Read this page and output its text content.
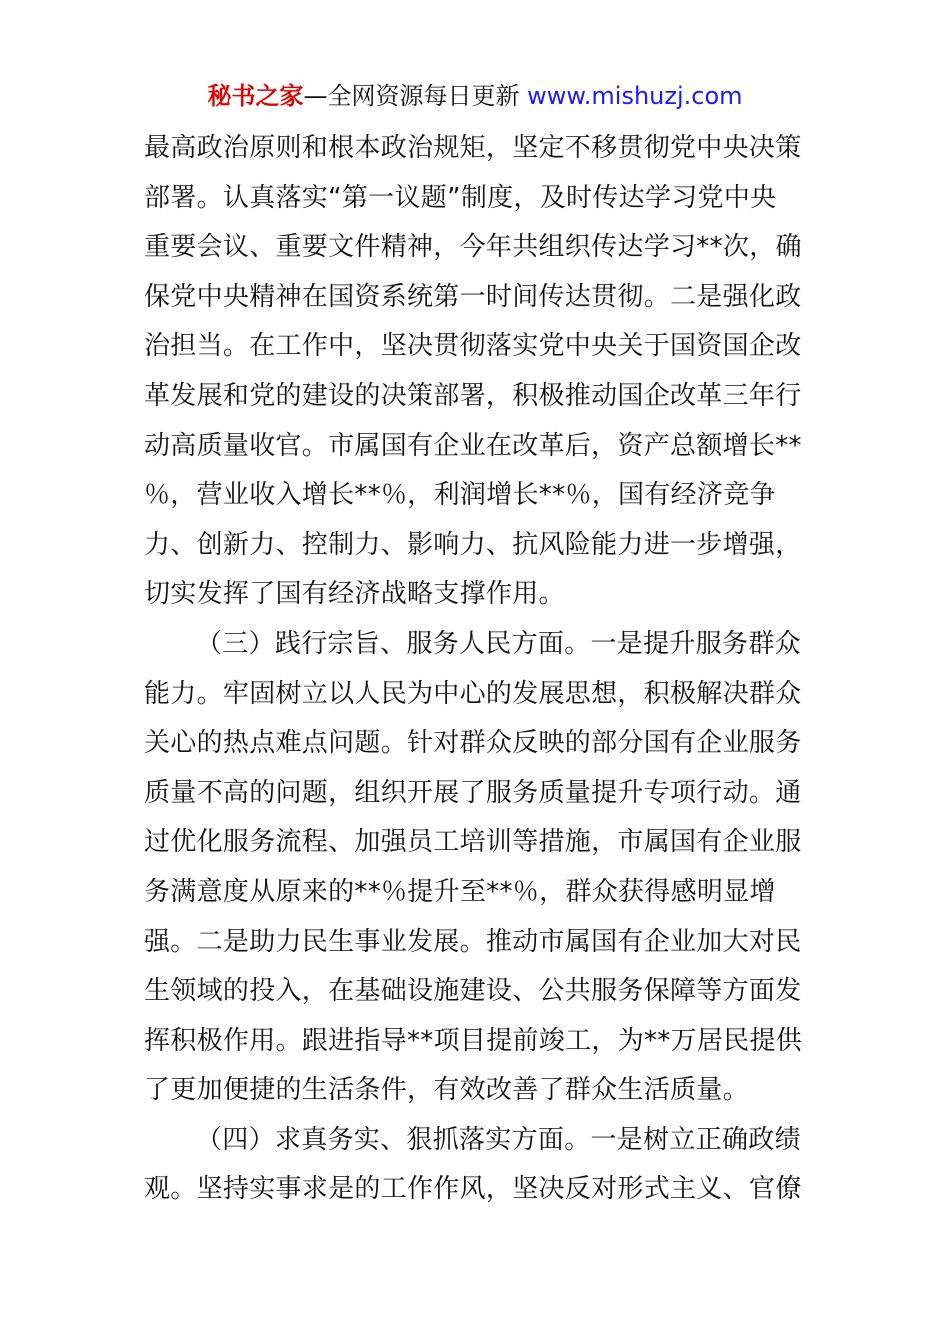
秘书之家—全网资源每日更新 www.mishuzj.com
最高政治原则和根本政治规矩，坚定不移贯彻党中央决策
部署。认真落实“第一议题”制度，及时传达学习党中央
重要会议、重要文件精神，今年共组织传达学习**次，确
保党中央精神在国资系统第一时间传达贯彻。二是强化政
治担当。在工作中，坚决贯彻落实党中央关于国资国企改
革发展和党的建设的决策部署，积极推动国企改革三年行
动高质量收官。市属国有企业在改革后，资产总额增长**
％，营业收入增长**％，利润增长**％，国有经济竞争
力、创新力、控制力、影响力、抗风险能力进一步增强，
切实发挥了国有经济战略支撑作用。
（三）践行宗旨、服务人民方面。一是提升服务群众
能力。牢固树立以人民为中心的发展思想，积极解决群众
关心的热点难点问题。针对群众反映的部分国有企业服务
质量不高的问题，组织开展了服务质量提升专项行动。通
过优化服务流程、加强员工培训等措施，市属国有企业服
务满意度从原来的**％提升至**％，群众获得感明显增
强。二是助力民生事业发展。推动市属国有企业加大对民
生领域的投入，在基础设施建设、公共服务保障等方面发
挥积极作用。跟进指导**项目提前竣工，为**万居民提供
了更加便捷的生活条件，有效改善了群众生活质量。
（四）求真务实、狠抓落实方面。一是树立正确政绩
观。坚持实事求是的工作作风，坚决反对形式主义、官僚
